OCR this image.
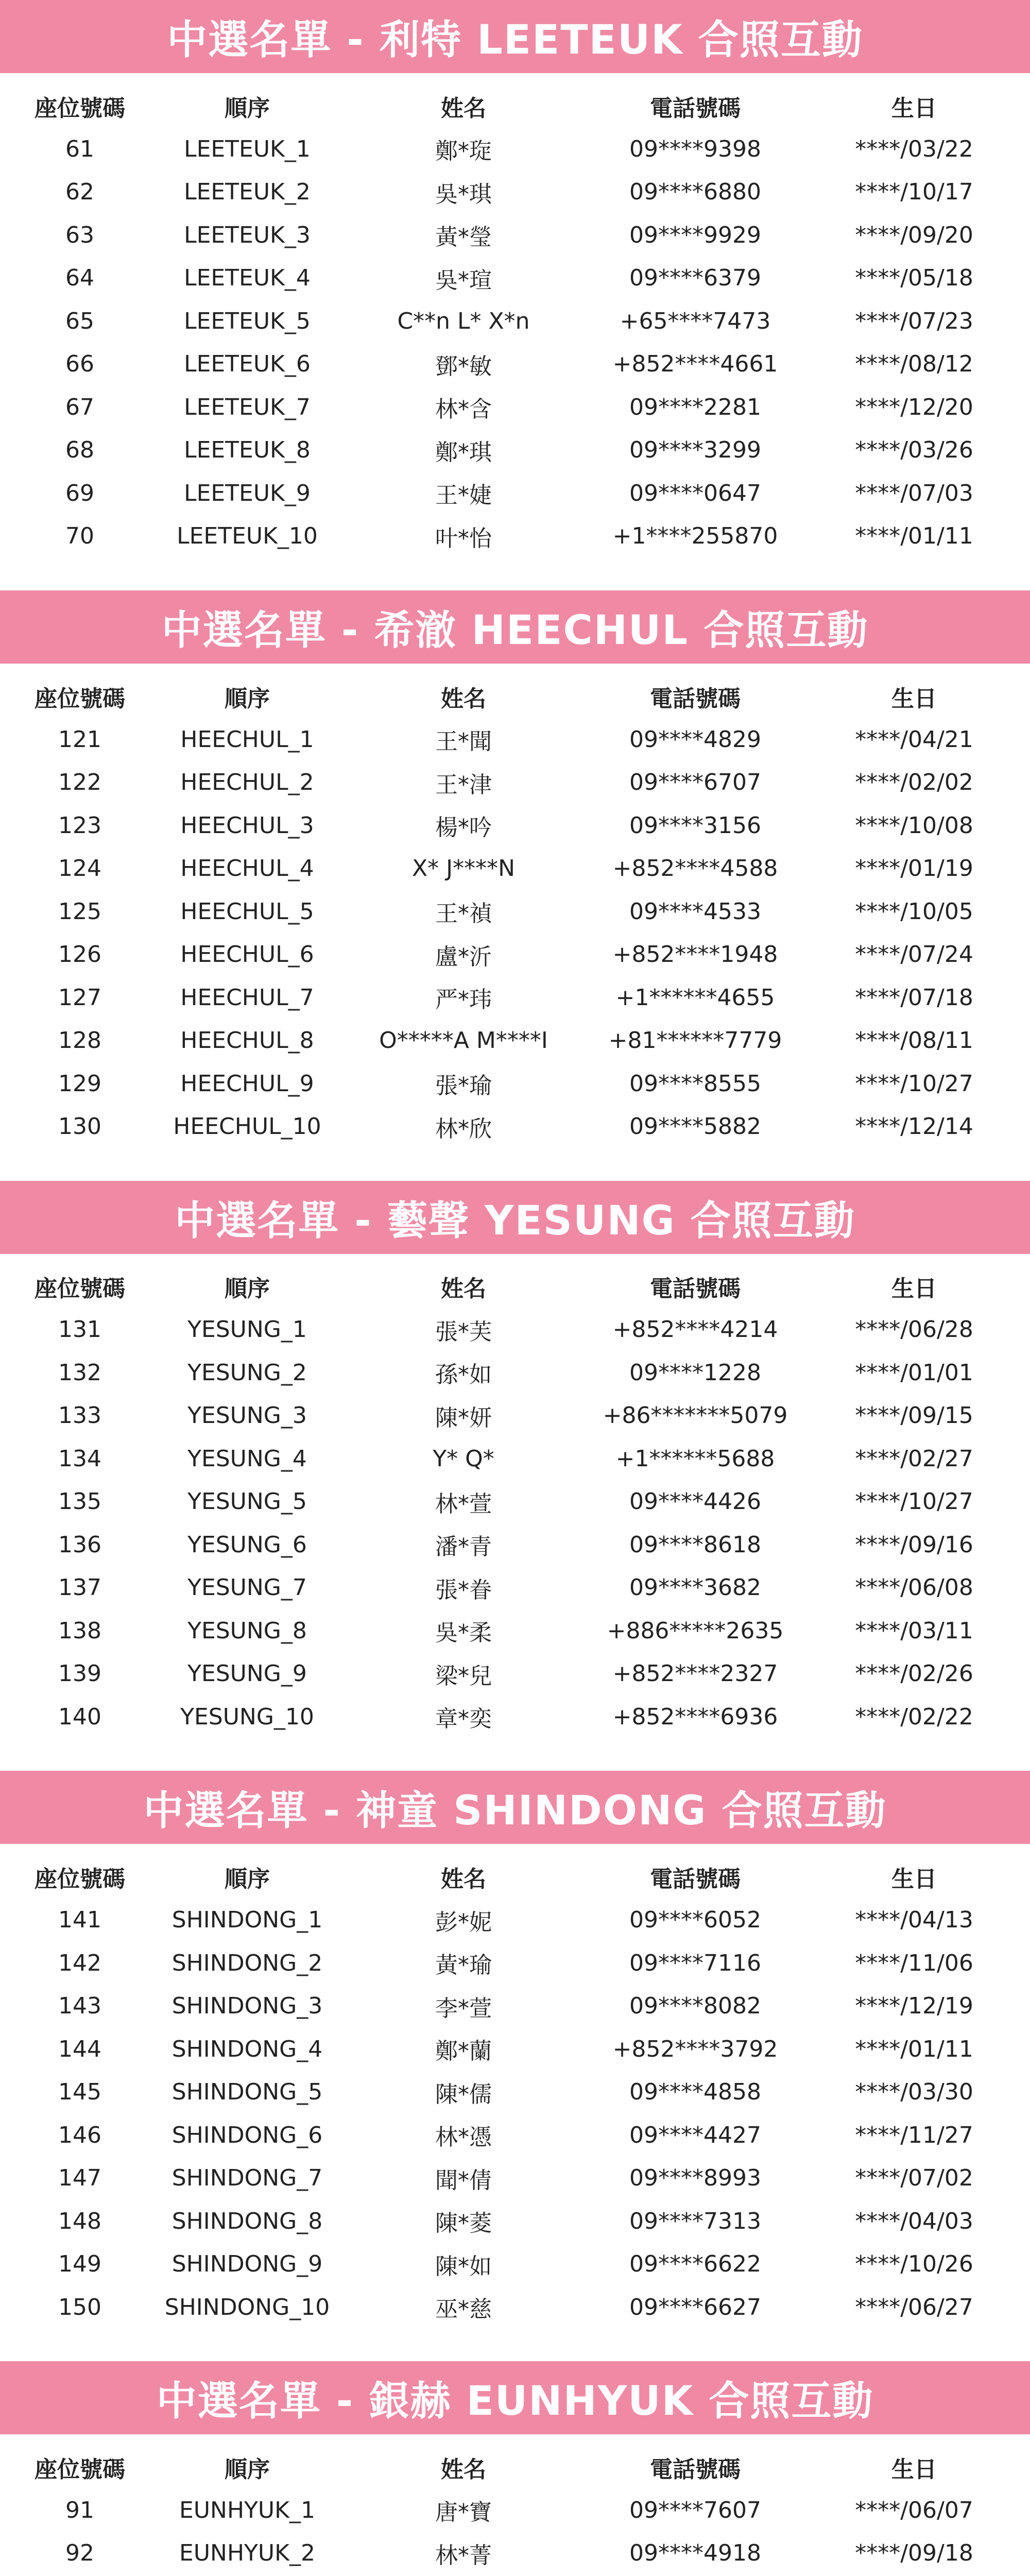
中選名單 - 利特 LEETEUK 合照互動
座位號碼	順序	姓名	電話號碼	生日
61	LEETEUK_1	鄭*琁	09****9398	****/03/22
62	LEETEUK_2	吳*琪	09****6880	****/10/17
63	LEETEUK_3	黃*瑩	09****9929	****/09/20
64	LEETEUK_4	吳*瑄	09****6379	****/05/18
65	LEETEUK_5	C**n L* X*n	+65****7473	****/07/23
66	LEETEUK_6	鄧*敏	+852****4661	****/08/12
67	LEETEUK_7	林*含	09****2281	****/12/20
68	LEETEUK_8	鄭*琪	09****3299	****/03/26
69	LEETEUK_9	王*婕	09****0647	****/07/03
70	LEETEUK_10	叶*怡	+1****255870	****/01/11
中選名單 - 希澈 HEECHUL 合照互動
座位號碼	順序	姓名	電話號碼	生日
121	HEECHUL_1	王*聞	09****4829	****/04/21
122	HEECHUL_2	王*津	09****6707	****/02/02
123	HEECHUL_3	楊*吟	09****3156	****/10/08
124	HEECHUL_4	X* J****N	+852****4588	****/01/19
125	HEECHUL_5	王*禎	09****4533	****/10/05
126	HEECHUL_6	盧*沂	+852****1948	****/07/24
127	HEECHUL_7	严*玮	+1******4655	****/07/18
128	HEECHUL_8	O*****A M****I	+81******7779	****/08/11
129	HEECHUL_9	張*瑜	09****8555	****/10/27
130	HEECHUL_10	林*欣	09****5882	****/12/14
中選名單 - 藝聲 YESUNG 合照互動
座位號碼	順序	姓名	電話號碼	生日
131	YESUNG_1	張*芙	+852****4214	****/06/28
132	YESUNG_2	孫*如	09****1228	****/01/01
133	YESUNG_3	陳*妍	+86*******5079	****/09/15
134	YESUNG_4	Y* Q*	+1******5688	****/02/27
135	YESUNG_5	林*萱	09****4426	****/10/27
136	YESUNG_6	潘*青	09****8618	****/09/16
137	YESUNG_7	張*眷	09****3682	****/06/08
138	YESUNG_8	吳*柔	+886*****2635	****/03/11
139	YESUNG_9	梁*兒	+852****2327	****/02/26
140	YESUNG_10	章*奕	+852****6936	****/02/22
中選名單 - 神童 SHINDONG 合照互動
座位號碼	順序	姓名	電話號碼	生日
141	SHINDONG_1	彭*妮	09****6052	****/04/13
142	SHINDONG_2	黃*瑜	09****7116	****/11/06
143	SHINDONG_3	李*萱	09****8082	****/12/19
144	SHINDONG_4	鄭*蘭	+852****3792	****/01/11
145	SHINDONG_5	陳*儒	09****4858	****/03/30
146	SHINDONG_6	林*憑	09****4427	****/11/27
147	SHINDONG_7	聞*倩	09****8993	****/07/02
148	SHINDONG_8	陳*菱	09****7313	****/04/03
149	SHINDONG_9	陳*如	09****6622	****/10/26
150	SHINDONG_10	巫*慈	09****6627	****/06/27
中選名單 - 銀赫 EUNHYUK 合照互動
座位號碼	順序	姓名	電話號碼	生日
91	EUNHYUK_1	唐*寶	09****7607	****/06/07
92	EUNHYUK_2	林*菁	09****4918	****/09/18
